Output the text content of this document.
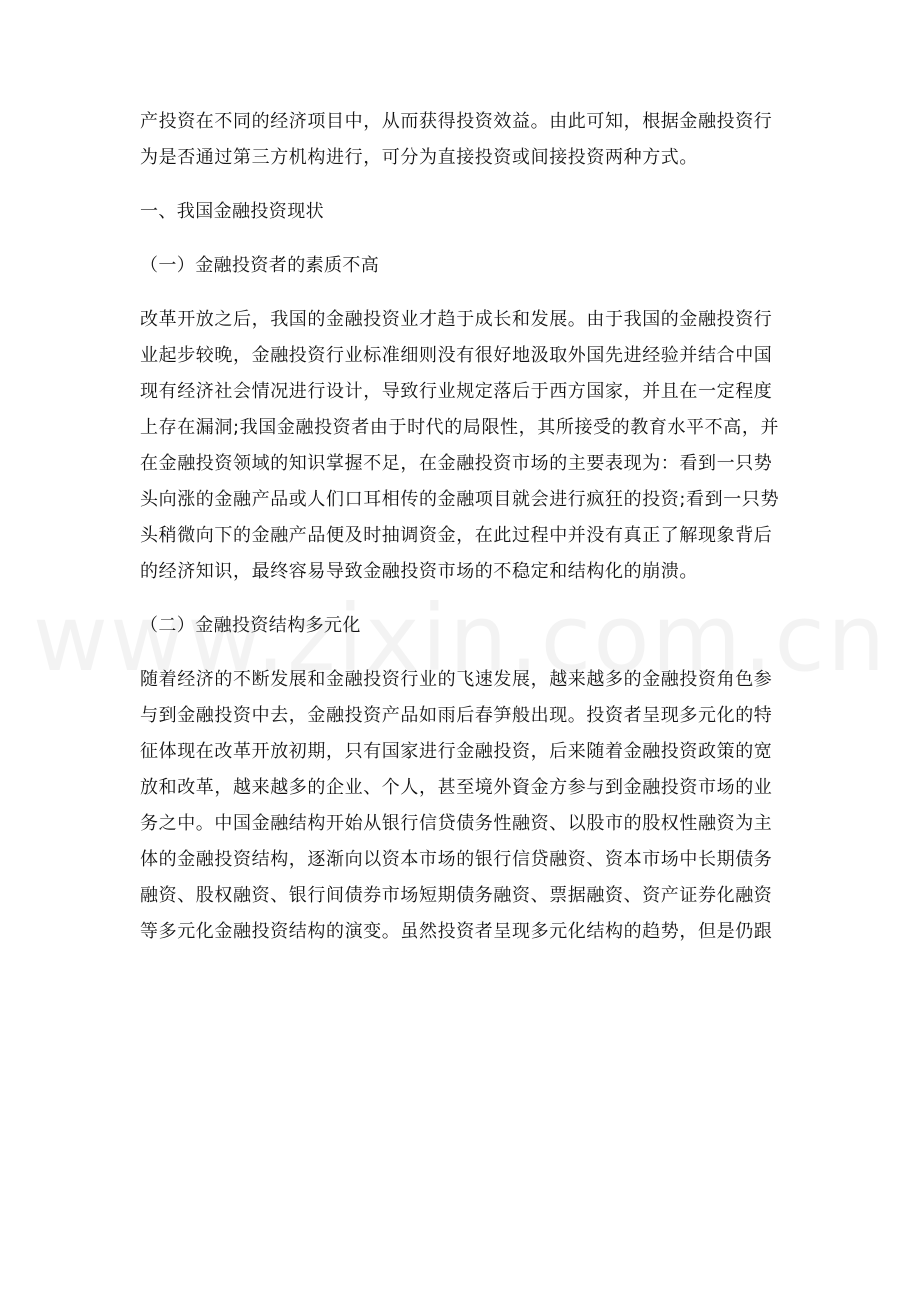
产投资在不同的经济项目中，从而获得投资效益。由此可知，根据金融投资行
为是否通过第三方机构进行，可分为直接投资或间接投资两种方式。
一、我国金融投资现状
（一）金融投资者的素质不高
改革开放之后，我国的金融投资业才趋于成长和发展。由于我国的金融投资行
业起步较晚，金融投资行业标准细则没有很好地汲取外国先进经验并结合中国
现有经济社会情况进行设计，导致行业规定落后于西方国家，并且在一定程度
上存在漏洞;我国金融投资者由于时代的局限性，其所接受的教育水平不高，并
在金融投资领域的知识掌握不足，在金融投资市场的主要表现为：看到一只势
头向涨的金融产品或人们口耳相传的金融项目就会进行疯狂的投资;看到一只势
头稍微向下的金融产品便及时抽调资金，在此过程中并没有真正了解现象背后
的经济知识，最终容易导致金融投资市场的不稳定和结构化的崩溃。
（二）金融投资结构多元化
随着经济的不断发展和金融投资行业的飞速发展，越来越多的金融投资角色参
与到金融投资中去，金融投资产品如雨后春笋般出现。投资者呈现多元化的特
征体现在改革开放初期，只有国家进行金融投资，后来随着金融投资政策的宽
放和改革，越来越多的企业、个人，甚至境外資金方参与到金融投资市场的业
务之中。中国金融结构开始从银行信贷债务性融资、以股市的股权性融资为主
体的金融投资结构，逐渐向以资本市场的银行信贷融资、资本市场中长期债务
融资、股权融资、银行间债券市场短期债务融资、票据融资、资产证券化融资
等多元化金融投资结构的演变。虽然投资者呈现多元化结构的趋势，但是仍跟
